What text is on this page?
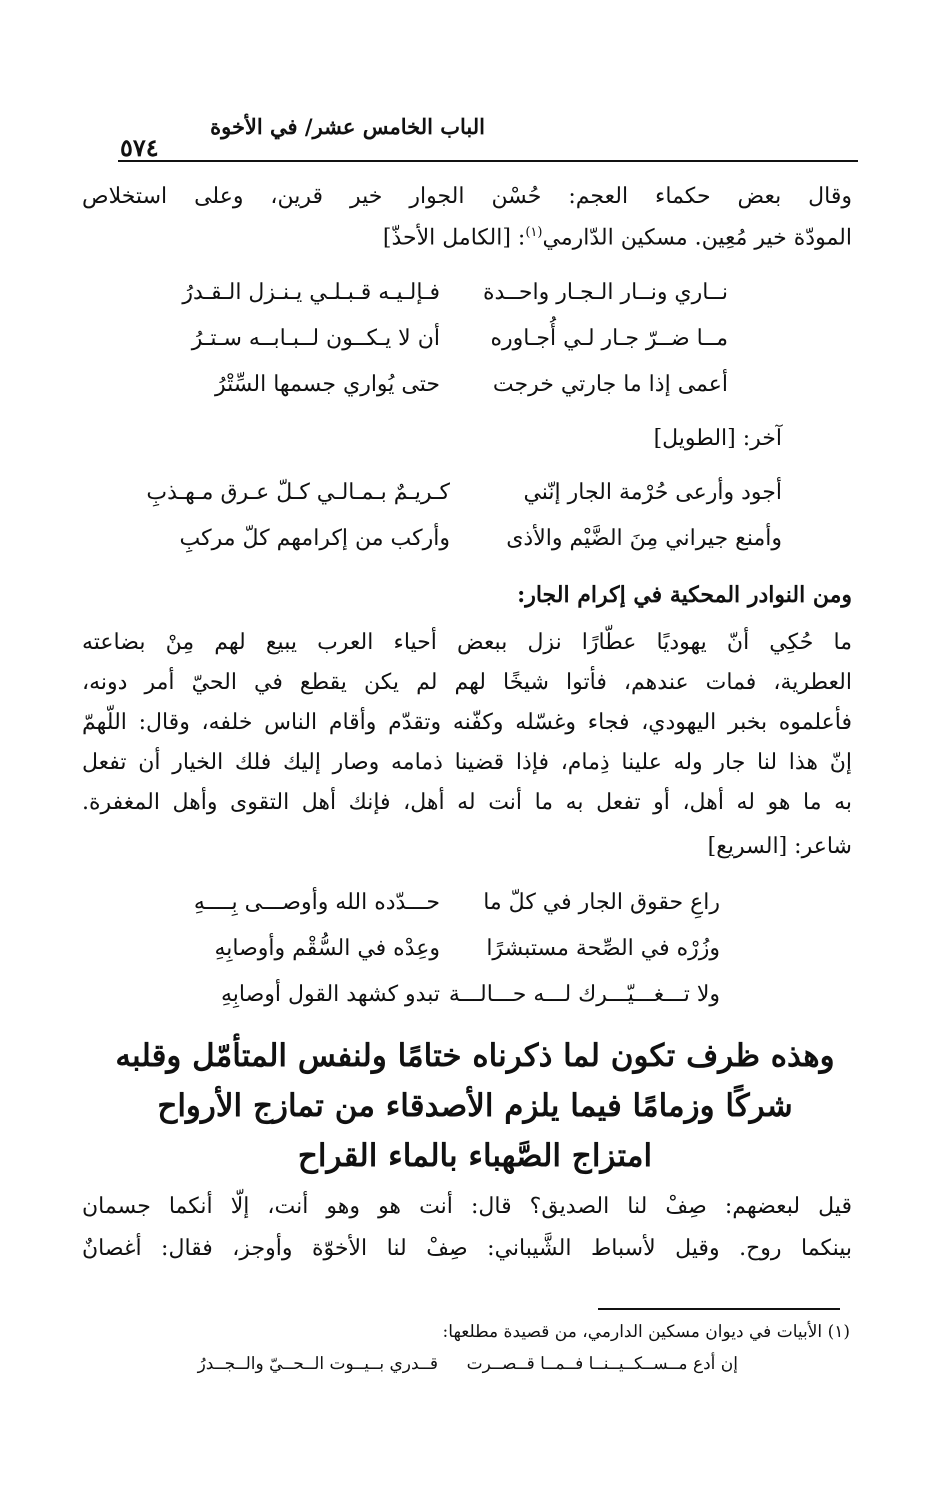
الباب الخامس عشر/ في الأخوة
٥٧٤
وقال بعض حكماء العجم: حُسْن الجوار خير قرين، وعلى استخلاص
المودّة خير مُعِين. مسكين الدّارمي$^{(١)}$: [الكامل الأحذّ]
نــاري ونــار الـجـار واحــدة
فـإلـيـه قـبـلـي يـنـزل الـقـدرُ
مــا ضــرّ جـار لـي أُجـاوره
أن لا يـكــون لــبـابــه سـتـرُ
أعمى إذا ما جارتي خرجت
حتى يُواري جسمها السِّتْرُ
آخر: [الطويل]
أجود وأرعى حُرْمة الجار إنّني
كـريـمٌ بـمـالـي كـلّ عـرق مـهـذبِ
وأمنع جيراني مِنَ الضَّيْم والأذى
وأركب من إكرامهم كلّ مركبِ
ومن النوادر المحكية في إكرام الجار:
ما حُكِي أنّ يهوديًا عطّارًا نزل ببعض أحياء العرب يبيع لهم مِنْ بضاعته
العطرية، فمات عندهم، فأتوا شيخًا لهم لم يكن يقطع في الحيّ أمر دونه،
فأعلموه بخبر اليهودي، فجاء وغسّله وكفّنه وتقدّم وأقام الناس خلفه، وقال: اللّهمّ
إنّ هذا لنا جار وله علينا ذِمام، فإذا قضينا ذمامه وصار إليك فلك الخيار أن تفعل
به ما هو له أهل، أو تفعل به ما أنت له أهل، فإنك أهل التقوى وأهل المغفرة.
شاعر: [السريع]
راعِ حقوق الجار في كلّ ما
حـــدّده الله وأوصـــى بِــــهِ
وزُرْه في الصِّحة مستبشرًا
وعِدْه في السُّقْم وأوصابِهِ
ولا تـــغـــيّـــرك لـــه حـــالـــة
تبدو كشهد القول أوصابِهِ
وهذه ظرف تكون لما ذكرناه ختامًا ولنفس المتأمّل وقلبه
شركًا وزمامًا فيما يلزم الأصدقاء من تمازج الأرواح
امتزاج الصَّهباء بالماء القراح
قيل لبعضهم: صِفْ لنا الصديق؟ قال: أنت هو وهو أنت، إلّا أنكما جسمان
بينكما روح. وقيل لأسباط الشَّيباني: صِفْ لنا الأخوّة وأوجز، فقال: أغصانٌ
(١) الأبيات في ديوان مسكين الدارمي، من قصيدة مطلعها:
إن أدع مــســكــيــنــا فــمــا قــصــرت
قــدري بــيــوت الــحــيّ والــجــدرُ
